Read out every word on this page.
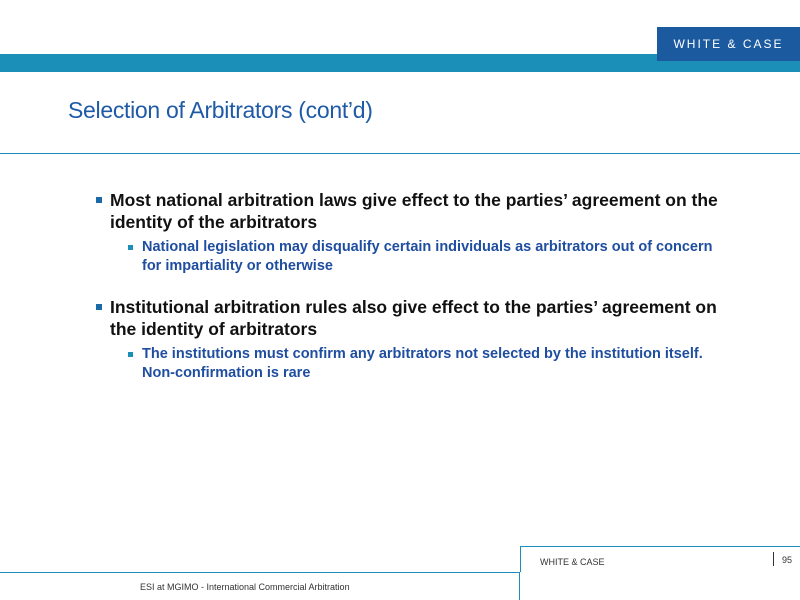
WHITE & CASE
Selection of Arbitrators (cont’d)
Most national arbitration laws give effect to the parties’ agreement on the identity of the arbitrators
National legislation may disqualify certain individuals as arbitrators out of concern for impartiality or otherwise
Institutional arbitration rules also give effect to the parties’ agreement on the identity of arbitrators
The institutions must confirm any arbitrators not selected by the institution itself. Non-confirmation is rare
WHITE & CASE	95
ESI at MGIMO - International Commercial Arbitration
